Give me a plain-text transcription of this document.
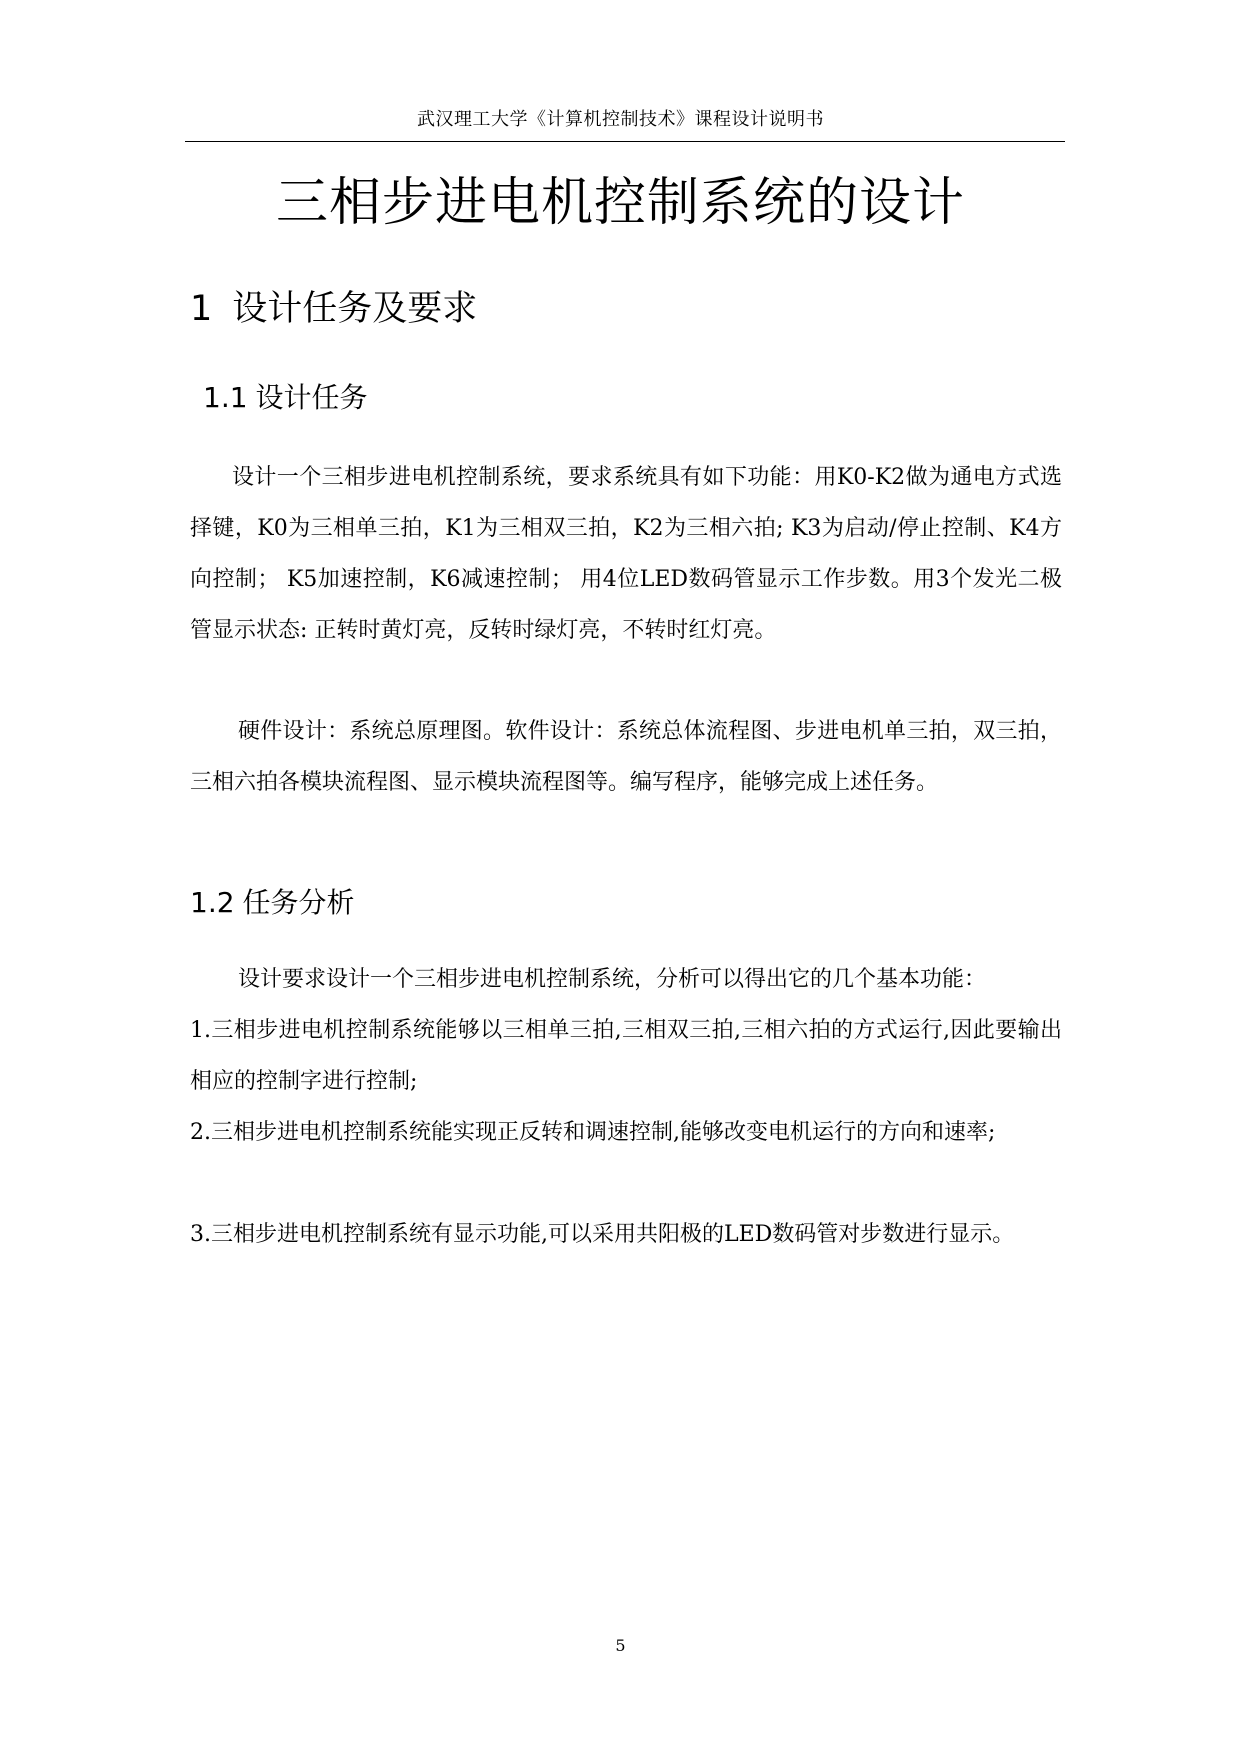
武汉理工大学《计算机控制技术》课程设计说明书
三相步进电机控制系统的设计
1 设计任务及要求
1.1 设计任务

设计一个三相步进电机控制系统，要求系统具有如下功能：用K0-K2做为通电方式选择键，K0为三相单三拍，K1为三相双三拍，K2为三相六拍; K3为启动/停止控制、K4方向控制； K5加速控制，K6减速控制； 用4位LED数码管显示工作步数。用3个发光二极管显示状态: 正转时黄灯亮，反转时绿灯亮，不转时红灯亮。

硬件设计：系统总原理图。软件设计：系统总体流程图、步进电机单三拍，双三拍，三相六拍各模块流程图、显示模块流程图等。编写程序，能够完成上述任务。

1.2 任务分析

设计要求设计一个三相步进电机控制系统，分析可以得出它的几个基本功能：

1.三相步进电机控制系统能够以三相单三拍,三相双三拍,三相六拍的方式运行,因此要输出相应的控制字进行控制;

2.三相步进电机控制系统能实现正反转和调速控制,能够改变电机运行的方向和速率;

3.三相步进电机控制系统有显示功能,可以采用共阳极的LED数码管对步数进行显示。

5
